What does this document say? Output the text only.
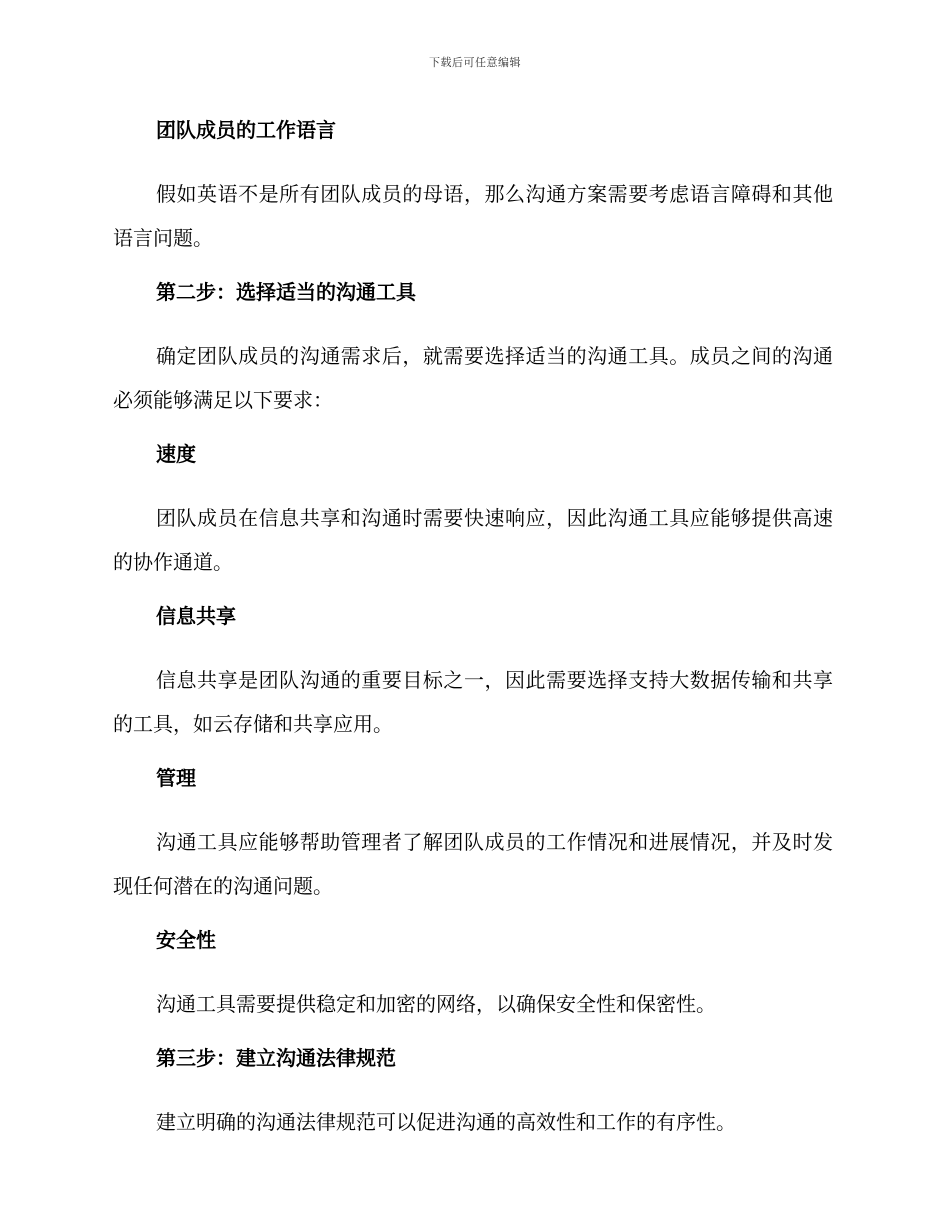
下载后可任意编辑
团队成员的工作语言
假如英语不是所有团队成员的母语，那么沟通方案需要考虑语言障碍和其他语言问题。
第二步：选择适当的沟通工具
确定团队成员的沟通需求后，就需要选择适当的沟通工具。成员之间的沟通必须能够满足以下要求：
速度
团队成员在信息共享和沟通时需要快速响应，因此沟通工具应能够提供高速的协作通道。
信息共享
信息共享是团队沟通的重要目标之一，因此需要选择支持大数据传输和共享的工具，如云存储和共享应用。
管理
沟通工具应能够帮助管理者了解团队成员的工作情况和进展情况，并及时发现任何潜在的沟通问题。
安全性
沟通工具需要提供稳定和加密的网络，以确保安全性和保密性。
第三步：建立沟通法律规范
建立明确的沟通法律规范可以促进沟通的高效性和工作的有序性。
